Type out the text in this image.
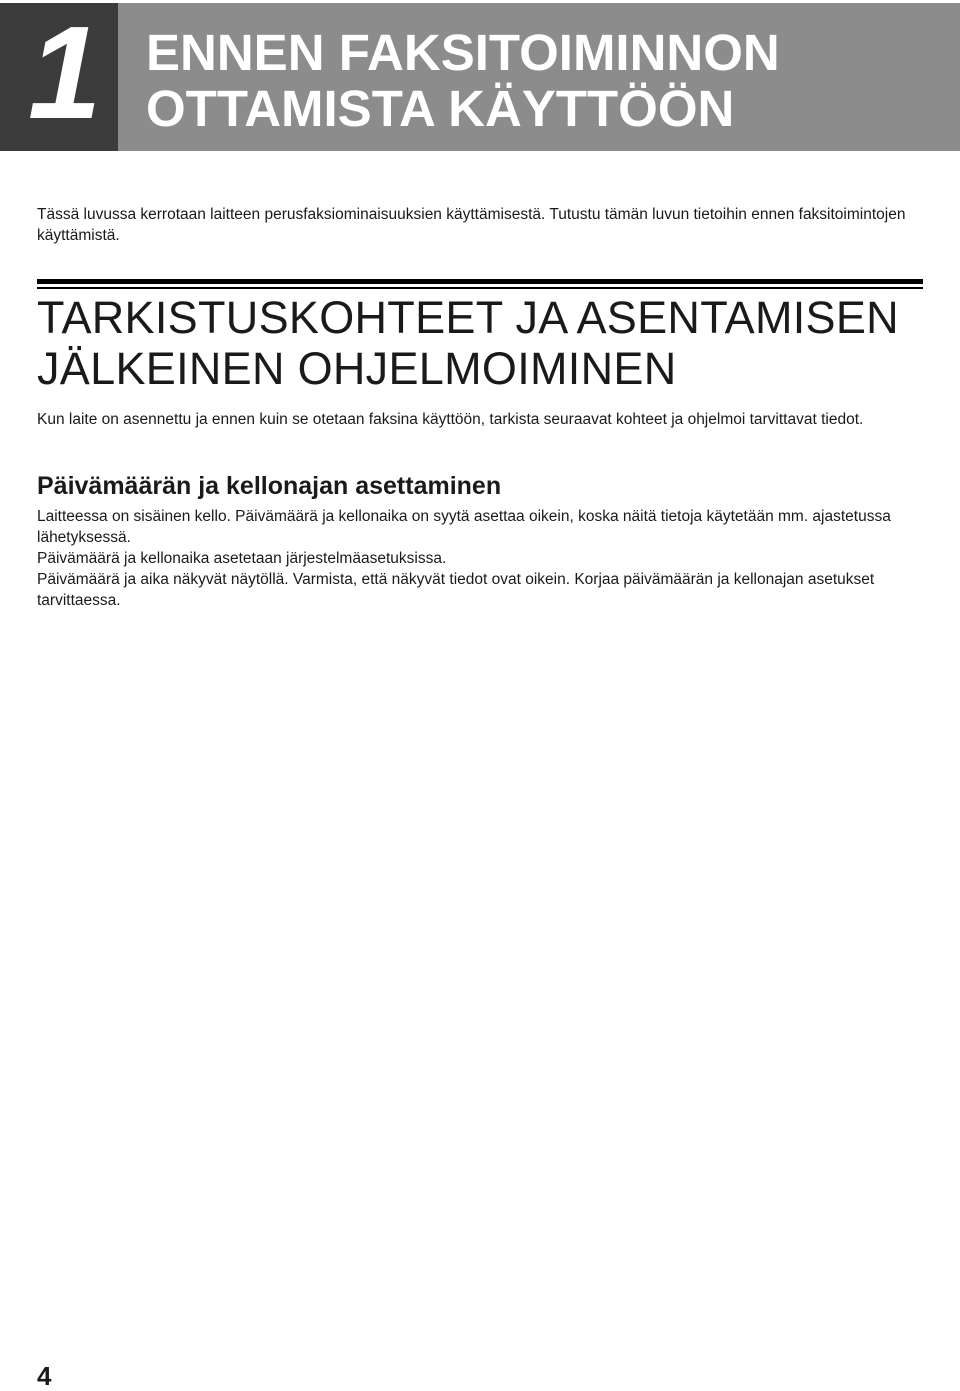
1 ENNEN FAKSITOIMINNON
OTTAMISTA KÄYTTÖÖN

Tässä luvussa kerrotaan laitteen perusfaksiominaisuuksien käyttämisestä. Tutustu tämän luvun tietoihin ennen faksitoimintojen käyttämistä.

TARKISTUSKOHTEET JA ASENTAMISEN
JÄLKEINEN OHJELMOIMINEN

Kun laite on asennettu ja ennen kuin se otetaan faksina käyttöön, tarkista seuraavat kohteet ja ohjelmoi tarvittavat tiedot.

Päivämäärän ja kellonajan asettaminen

Laitteessa on sisäinen kello. Päivämäärä ja kellonaika on syytä asettaa oikein, koska näitä tietoja käytetään mm. ajastetussa lähetyksessä.

Päivämäärä ja kellonaika asetetaan järjestelmäasetuksissa.

Päivämäärä ja aika näkyvät näytöllä. Varmista, että näkyvät tiedot ovat oikein. Korjaa päivämäärän ja kellonajan asetukset tarvittaessa.

4
